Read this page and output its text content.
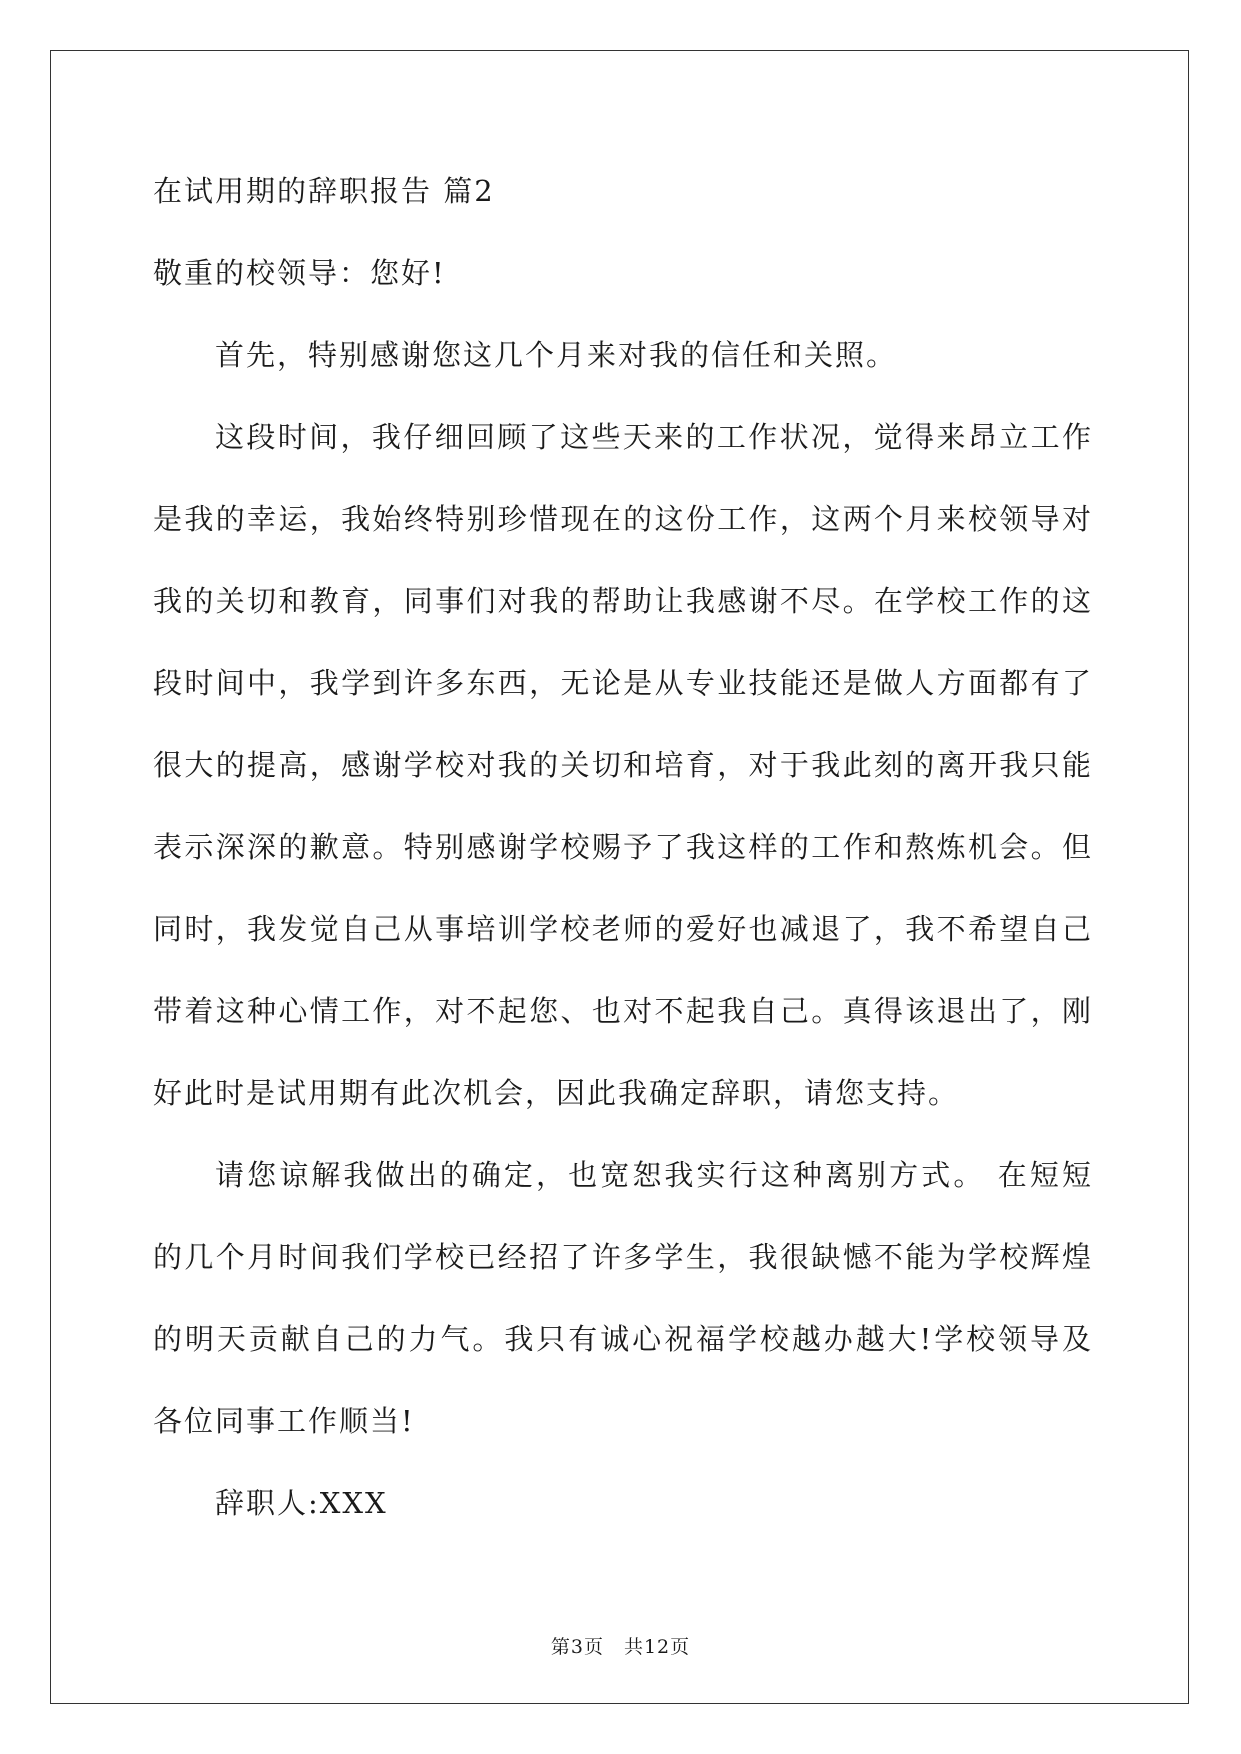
在试用期的辞职报告 篇2

敬重的校领导：您好!

首先，特别感谢您这几个月来对我的信任和关照。

这段时间，我仔细回顾了这些天来的工作状况，觉得来昂立工作是我的幸运，我始终特别珍惜现在的这份工作，这两个月来校领导对我的关切和教育，同事们对我的帮助让我感谢不尽。在学校工作的这段时间中，我学到许多东西，无论是从专业技能还是做人方面都有了很大的提高，感谢学校对我的关切和培育，对于我此刻的离开我只能表示深深的歉意。特别感谢学校赐予了我这样的工作和熬炼机会。但同时，我发觉自己从事培训学校老师的爱好也减退了，我不希望自己带着这种心情工作，对不起您、也对不起我自己。真得该退出了，刚好此时是试用期有此次机会，因此我确定辞职，请您支持。

请您谅解我做出的确定，也宽恕我实行这种离别方式。 在短短的几个月时间我们学校已经招了许多学生，我很缺憾不能为学校辉煌的明天贡献自己的力气。我只有诚心祝福学校越办越大!学校领导及各位同事工作顺当!

辞职人:XXX

第3页 共12页
